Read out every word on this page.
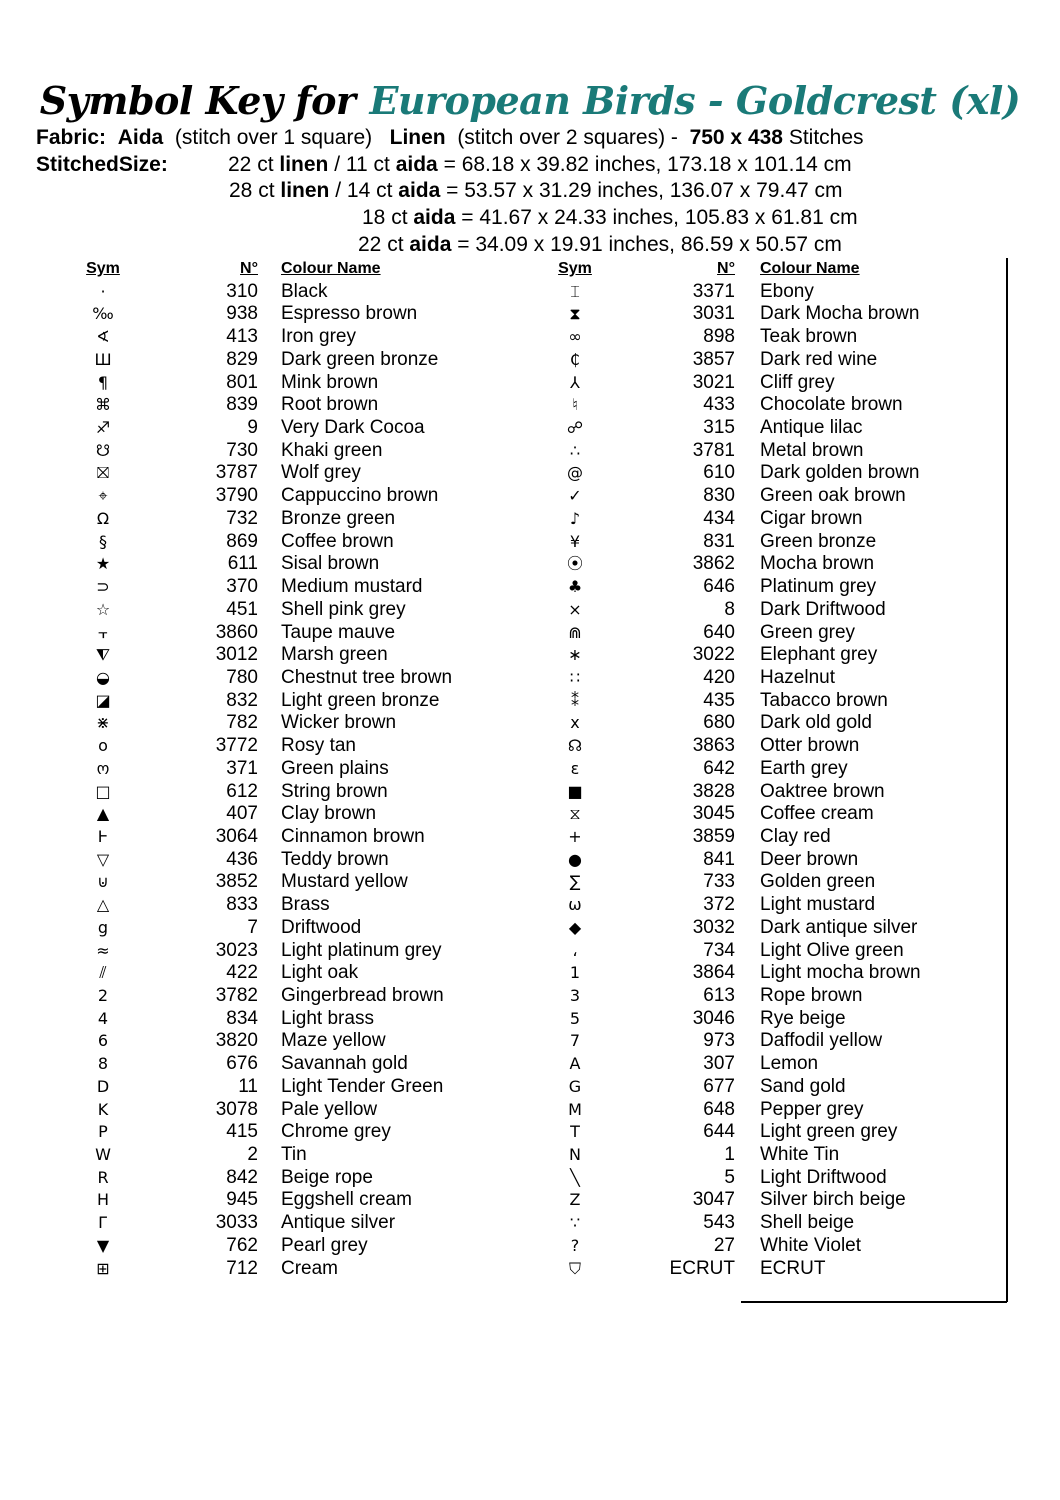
Symbol Key for European Birds - Goldcrest (xl)
Fabric: Aida (stitch over 1 square) Linen (stitch over 2 squares) - 750 x 438 Stitches
StitchedSize:	22 ct linen / 11 ct aida = 68.18 x 39.82 inches, 173.18 x 101.14 cm
28 ct linen / 14 ct aida = 53.57 x 31.29 inches, 136.07 x 79.47 cm
18 ct aida = 41.67 x 24.33 inches, 105.83 x 61.81 cm
22 ct aida = 34.09 x 19.91 inches, 86.59 x 50.57 cm
Sym	N° Colour Name
·	310 Black
‰	938 Espresso brown
∢	413 Iron grey
Ш	829 Dark green bronze
¶	801 Mink brown
⌘	839 Root brown
♐	9 Very Dark Cocoa
☋	730 Khaki green
⛝	3787 Wolf grey
⌖	3790 Cappuccino brown
Ω	732 Bronze green
§	869 Coffee brown
★	611 Sisal brown
⊃	370 Medium mustard
☆	451 Shell pink grey
⫟	3860 Taupe mauve
⧨	3012 Marsh green
◒	780 Chestnut tree brown
◪	832 Light green bronze
⋇	782 Wicker brown
o	3772 Rosy tan
ო	371 Green plains
□	612 String brown
▲	407 Clay brown
Ⱶ	3064 Cinnamon brown
▽	436 Teddy brown
⊍	3852 Mustard yellow
△	833 Brass
g	7 Driftwood
≈	3023 Light platinum grey
⫽	422 Light oak
2	3782 Gingerbread brown
4	834 Light brass
6	3820 Maze yellow
8	676 Savannah gold
D	11 Light Tender Green
K	3078 Pale yellow
P	415 Chrome grey
W	2 Tin
R	842 Beige rope
H	945 Eggshell cream
Г	3033 Antique silver
▼	762 Pearl grey
⊞	712 Cream
Sym	N° Colour Name
⌶	3371 Ebony
⧗	3031 Dark Mocha brown
∞	898 Teak brown
₵	3857 Dark red wine
⅄	3021 Cliff grey
♮	433 Chocolate brown
☍	315 Antique lilac
∴	3781 Metal brown
@	610 Dark golden brown
✓	830 Green oak brown
♪	434 Cigar brown
¥	831 Green bronze
⦿	3862 Mocha brown
♣	646 Platinum grey
⨯	8 Dark Driftwood
⋒	640 Green grey
∗	3022 Elephant grey
∷	420 Hazelnut
⁑	435 Tabacco brown
x	680 Dark old gold
☊	3863 Otter brown
ε	642 Earth grey
■	3828 Oaktree brown
⧖	3045 Coffee cream
+	3859 Clay red
●	841 Deer brown
∑	733 Golden green
ω	372 Light mustard
◆	3032 Dark antique silver
،	734 Light Olive green
1	3864 Light mocha brown
3	613 Rope brown
5	3046 Rye beige
7	973 Daffodil yellow
A	307 Lemon
G	677 Sand gold
M	648 Pepper grey
T	644 Light green grey
N	1 White Tin
╲	5 Light Driftwood
Z	3047 Silver birch beige
∵	543 Shell beige
?	27 White Violet
⛉	ECRUT ECRUT
